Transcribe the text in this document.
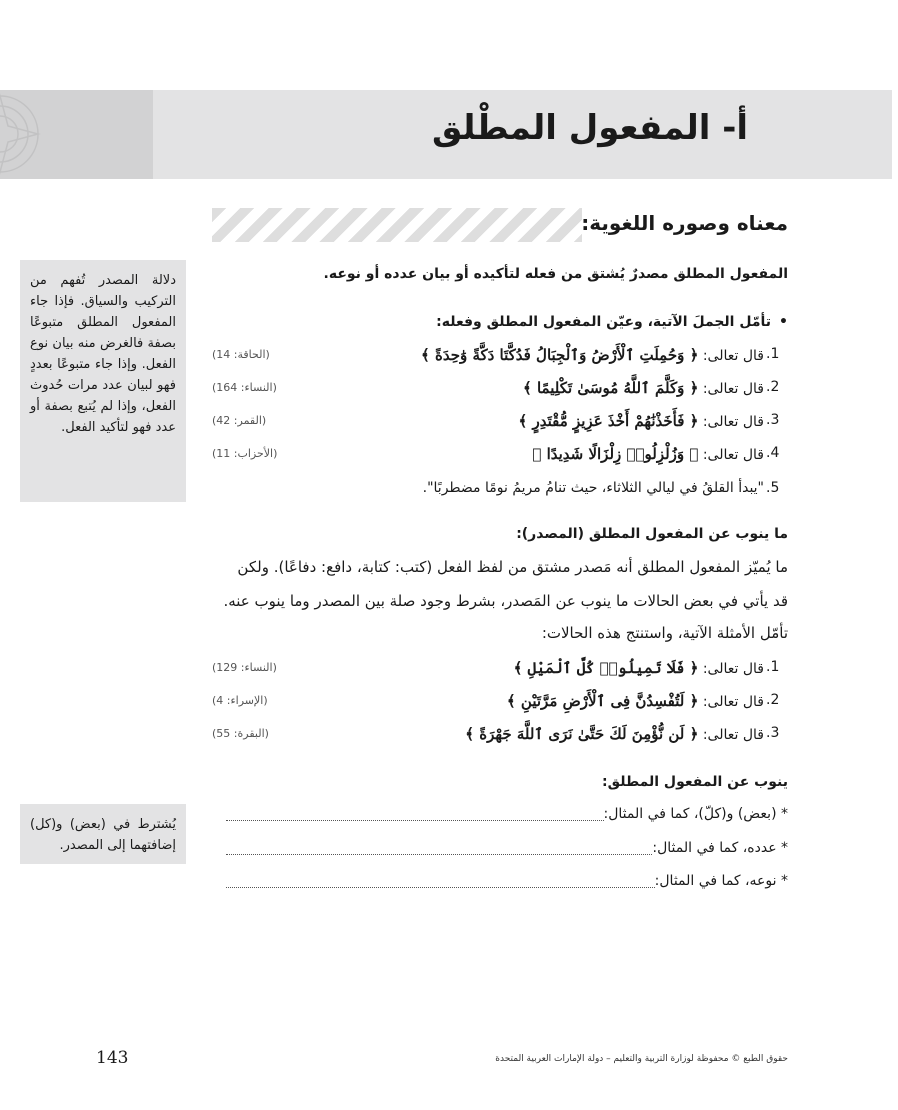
أ- المفعول المطْلق
معناه وصوره اللغوية:
المفعول المطلق مصدرٌ يُشتق من فعله لتأكيده أو بيان عدده أو نوعه.
•تأمّل الجملَ الآتية، وعيّن المفعول المطلق وفعله:
1.
قال تعالى: ﴿ وَحُمِلَتِ ٱلْأَرْضُ وَٱلْجِبَالُ فَدُكَّتَا دَكَّةً وَٰحِدَةً ﴾
(الحاقة: 14)
2.
قال تعالى: ﴿ وَكَلَّمَ ٱللَّهُ مُوسَىٰ تَكْلِيمًا ﴾
(النساء: 164)
3.
قال تعالى: ﴿ فَأَخَذْنَٰهُمْ أَخْذَ عَزِيزٍ مُّقْتَدِرٍ ﴾
(القمر: 42)
4.
قال تعالى: ﴿ وَزُلْزِلُوا۟ زِلْزَالًا شَدِيدًا ﴾
(الأحزاب: 11)
5.
"يبدأ القلقُ في ليالي الثلاثاء، حيث تنامُ مريمُ نومًا مضطربًا".
ما ينوب عن المفعول المطلق (المصدر):
ما يُميّز المفعول المطلق أنه مَصدر مشتق من لفظ الفعل (كتب: كتابة، دافع: دفاعًا). ولكن
قد يأتي في بعض الحالات ما ينوب عن المَصدر، بشرط وجود صلة بين المصدر وما ينوب عنه.
تأمّل الأمثلة الآتية، واستنتج هذه الحالات:
1.
قال تعالى: ﴿ فَلَا تَمِيلُوا۟ كُلَّ ٱلْمَيْلِ ﴾
(النساء: 129)
2.
قال تعالى: ﴿ لَتُفْسِدُنَّ فِى ٱلْأَرْضِ مَرَّتَيْنِ ﴾
(الإسراء: 4)
3.
قال تعالى: ﴿ لَن نُّؤْمِنَ لَكَ حَتَّىٰ نَرَى ٱللَّهَ جَهْرَةً ﴾
(البقرة: 55)
ينوب عن المفعول المطلق:
* (بعض) و(كلّ)، كما في المثال:
* عدده، كما في المثال:
* نوعه، كما في المثال:
دلالة المصدر تُفهم من التركيب والسياق. فإذا جاء المفعول المطلق متبوعًا بصفة فالغرض منه بيان نوع الفعل. وإذا جاء متبوعًا بعددٍ فهو لبيان عدد مرات حُدوث الفعل، وإذا لم يُتبع بصفة أو عدد فهو لتأكيد الفعل.
يُشترط في (بعض) و(كل) إضافتهما إلى المصدر.
143	حقوق الطبع © محفوظة لوزارة التربية والتعليم – دولة الإمارات العربية المتحدة
